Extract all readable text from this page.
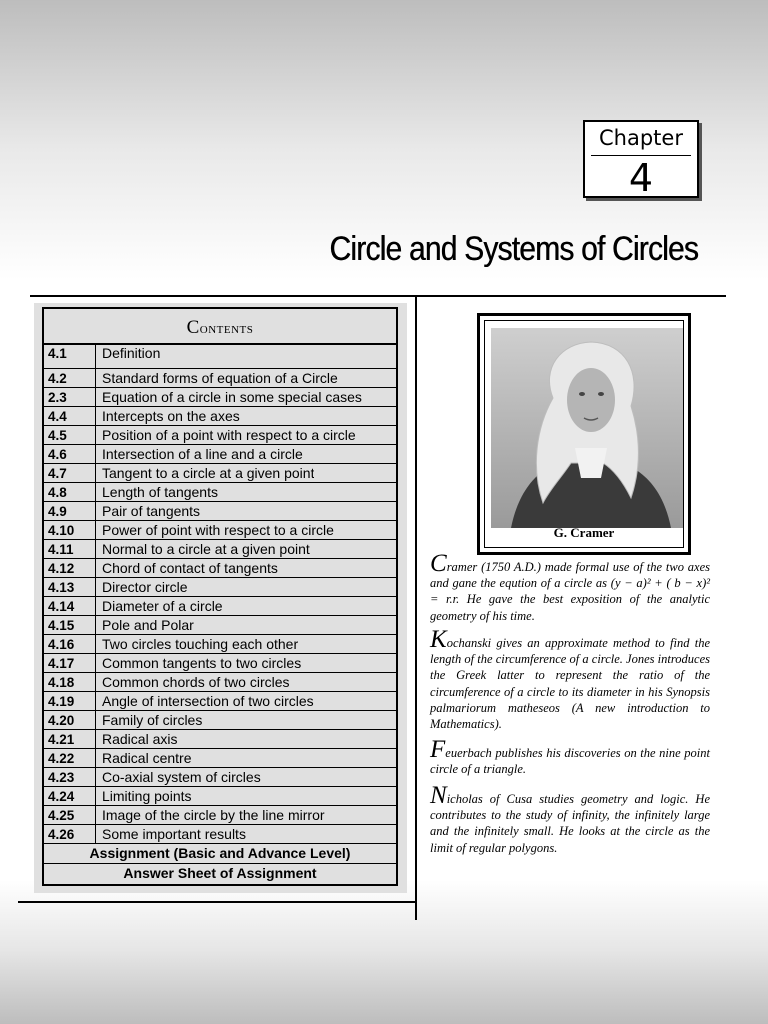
Chapter
4
Circle and Systems of Circles
Contents
4.1	Definition
4.2	Standard forms of equation of a Circle
2.3	Equation of a circle in some special cases
4.4	Intercepts on the axes
4.5	Position of a point with respect to a circle
4.6	Intersection of a line and a circle
4.7	Tangent to a circle at a given point
4.8	Length of tangents
4.9	Pair of tangents
4.10	Power of point with respect to a circle
4.11	Normal to a circle at a given point
4.12	Chord of contact of tangents
4.13	Director circle
4.14	Diameter of a circle
4.15	Pole and Polar
4.16	Two circles touching each other
4.17	Common tangents to two circles
4.18	Common chords of two circles
4.19	Angle of intersection of two circles
4.20	Family of circles
4.21	Radical axis
4.22	Radical centre
4.23	Co-axial system of circles
4.24	Limiting points
4.25	Image of the circle by the line mirror
4.26	Some important results
Assignment (Basic and Advance Level)
Answer Sheet of Assignment
G. Cramer
Cramer (1750 A.D.) made formal use of the two axes and gane the eqution of a circle as (y − a)² + ( b − x)² = r.r. He gave the best exposition of the analytic geometry of his time.
Kochanski gives an approximate method to find the length of the circumference of a circle. Jones introduces the Greek latter to represent the ratio of the circumference of a circle to its diameter in his Synopsis palmariorum matheseos (A new introduction to Mathematics).
Feuerbach publishes his discoveries on the nine point circle of a triangle.
Nicholas of Cusa studies geometry and logic. He contributes to the study of infinity, the infinitely large and the infinitely small. He looks at the circle as the limit of regular polygons.
